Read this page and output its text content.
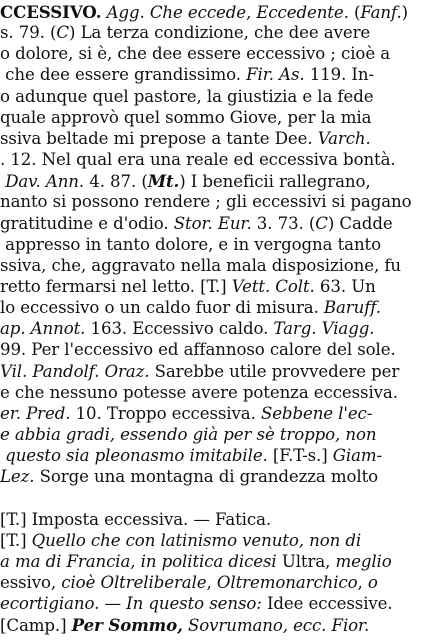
CCESSIVO. Agg. Che eccede, Eccedente. (Fanf.)
s. 79. (C) La terza condizione, che dee avere
o dolore, si è, che dee essere eccessivo ; cioè a
che dee essere grandissimo. Fir. As. 119. In-
o adunque quel pastore, la giustizia e la fede
quale approvò quel sommo Giove, per la mia
ssiva beltade mi prepose a tante Dee. Varch.
. 12. Nel qual era una reale ed eccessiva bontà.
Dav. Ann. 4. 87. (Mt.) I beneficii rallegrano,
nanto si possono rendere ; gli eccessivi si pagano
gratitudine e d'odio. Stor. Eur. 3. 73. (C) Cadde
appresso in tanto dolore, e in vergogna tanto
ssiva, che, aggravato nella mala disposizione, fu
retto fermarsi nel letto. [T.] Vett. Colt. 63. Un
lo eccessivo o un caldo fuor di misura. Baruff.
ap. Annot. 163. Eccessivo caldo. Targ. Viagg.
99. Per l'eccessivo ed affannoso calore del sole.
Vil. Pandolf. Oraz. Sarebbe utile provvedere per
e che nessuno potesse avere potenza eccessiva.
er. Pred. 10. Troppo eccessiva. Sebbene l'ec-
e abbia gradi, essendo già per sè troppo, non
questo sia pleonasmo imitabile. [F.T-s.] Giam-
Lez. Sorge una montagna di grandezza molto
[T.] Imposta eccessiva. — Fatica.
[T.] Quello che con latinismo venuto, non di
a ma di Francia, in politica dicesi Ultra, meglio
essivo, cioè Oltreliberale, Oltremonarchico, o
ecortigiano. — In questo senso: Idee eccessive.
[Camp.] Per Sommo, Sovrumano, ecc. Fior.
